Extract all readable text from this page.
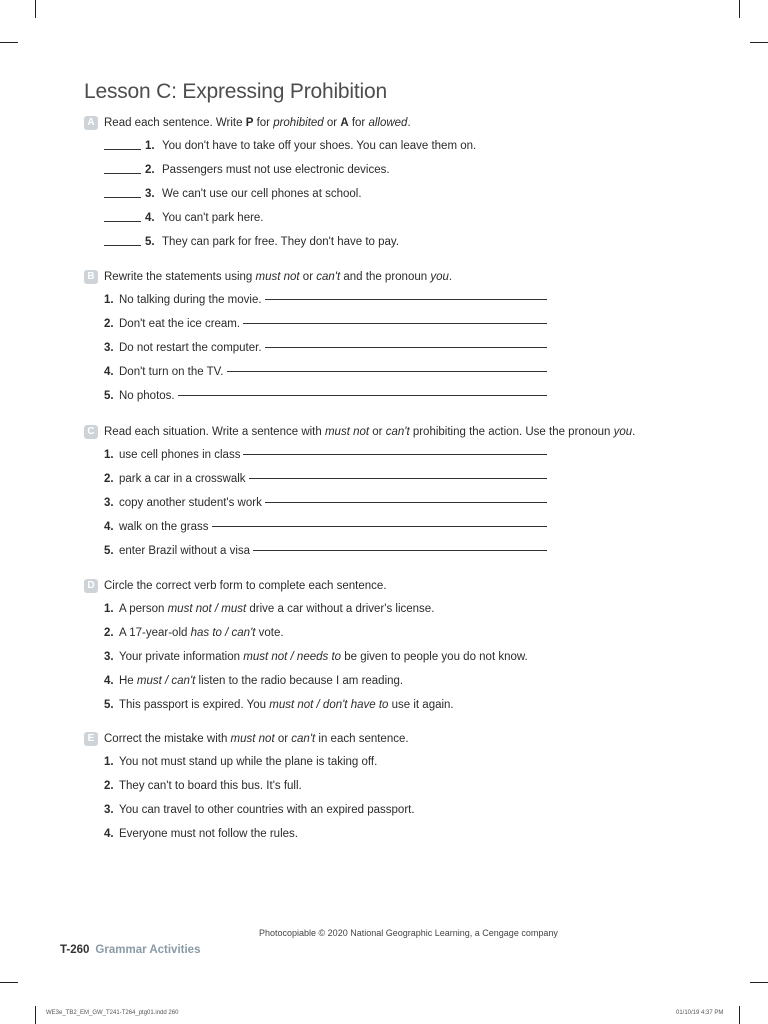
Lesson C: Expressing Prohibition
A Read each sentence. Write P for prohibited or A for allowed.
1. You don't have to take off your shoes. You can leave them on.
2. Passengers must not use electronic devices.
3. We can't use our cell phones at school.
4. You can't park here.
5. They can park for free. They don't have to pay.
B Rewrite the statements using must not or can't and the pronoun you.
1. No talking during the movie.
2. Don't eat the ice cream.
3. Do not restart the computer.
4. Don't turn on the TV.
5. No photos.
C Read each situation. Write a sentence with must not or can't prohibiting the action. Use the pronoun you.
1. use cell phones in class
2. park a car in a crosswalk
3. copy another student's work
4. walk on the grass
5. enter Brazil without a visa
D Circle the correct verb form to complete each sentence.
1. A person must not / must drive a car without a driver's license.
2. A 17-year-old has to / can't vote.
3. Your private information must not / needs to be given to people you do not know.
4. He must / can't listen to the radio because I am reading.
5. This passport is expired. You must not / don't have to use it again.
E Correct the mistake with must not or can't in each sentence.
1. You not must stand up while the plane is taking off.
2. They can't to board this bus. It's full.
3. You can travel to other countries with an expired passport.
4. Everyone must not follow the rules.
Photocopiable © 2020 National Geographic Learning, a Cengage company
T-260 Grammar Activities
WE3e_TB2_EM_GW_T241-T264_ptg01.indd 260	01/10/19 4:37 PM
